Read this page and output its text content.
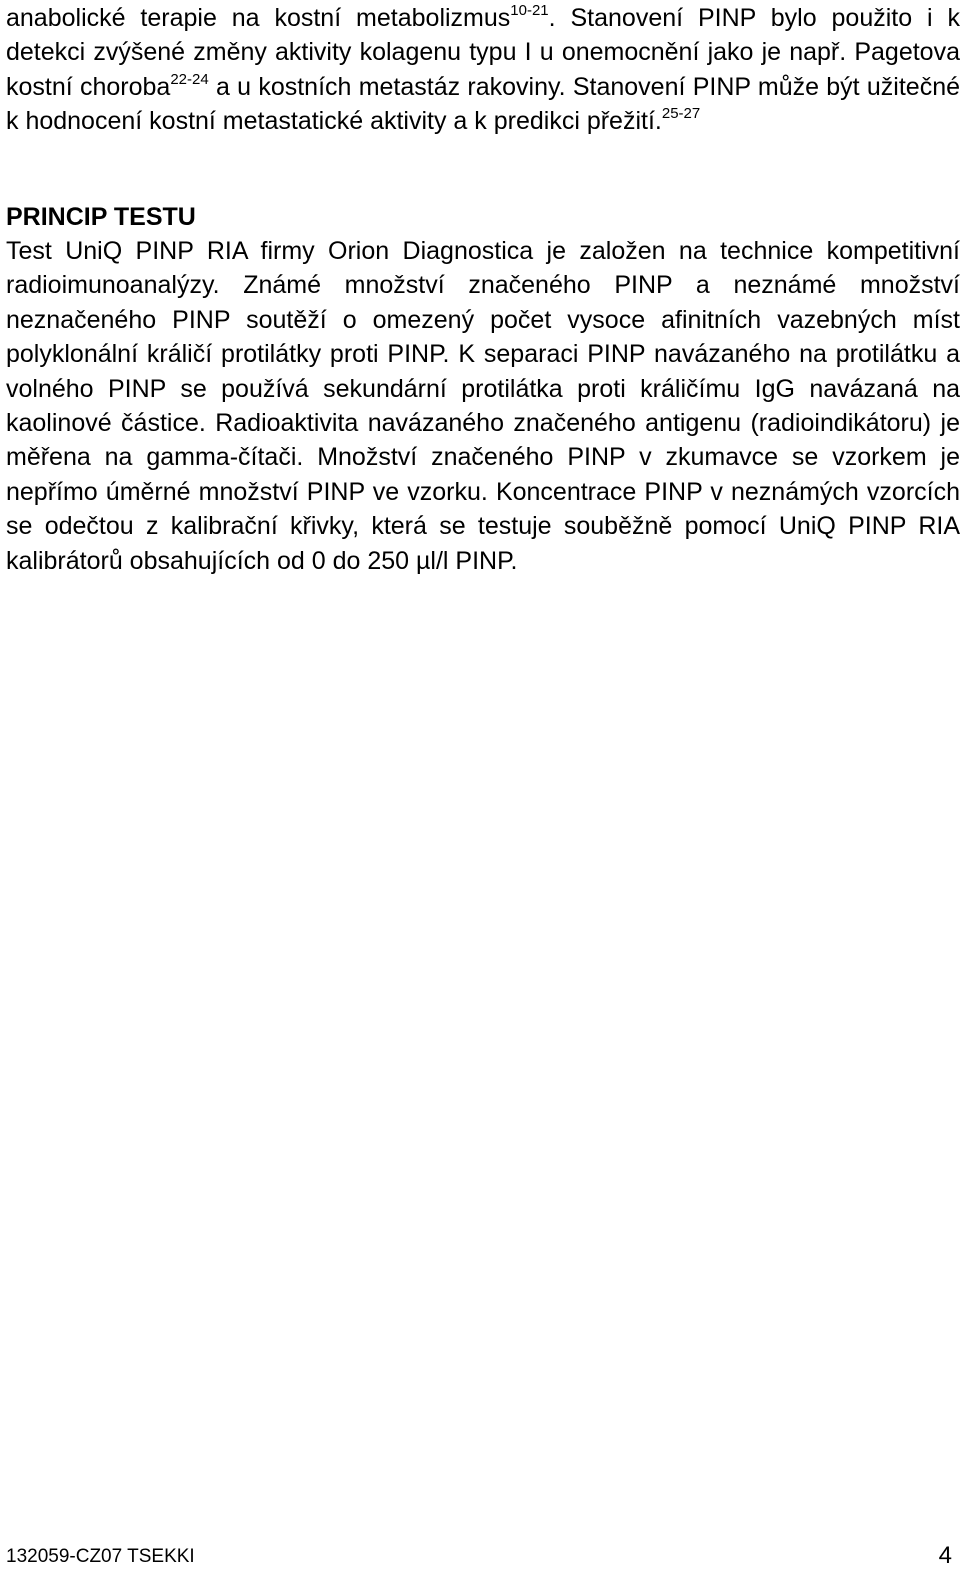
anabolické terapie na kostní metabolizmus$^{10-21}$. Stanovení PINP bylo použito i k detekci zvýšené změny aktivity kolagenu typu I u onemocnění jako je např. Pagetova kostní choroba$^{22-24}$ a u kostních metastáz rakoviny. Stanovení PINP může být užitečné k hodnocení kostní metastatické aktivity a k predikci přežití.$^{25-27}$

PRINCIP TESTU

Test UniQ PINP RIA firmy Orion Diagnostica je založen na technice kompetitivní radioimunoanalýzy. Známé množství značeného PINP a neznámé množství neznačeného PINP soutěží o omezený počet vysoce afinitních vazebných míst polyklonální králičí protilátky proti PINP. K separaci PINP navázaného na protilátku a volného PINP se používá sekundární protilátka proti králičímu IgG navázaná na kaolinové částice. Radioaktivita navázaného značeného antigenu (radioindikátoru) je měřena na gamma-čítači. Množství značeného PINP v zkumavce se vzorkem je nepřímo úměrné množství PINP ve vzorku. Koncentrace PINP v neznámých vzorcích se odečtou z kalibrační křivky, která se testuje souběžně pomocí UniQ PINP RIA kalibrátorů obsahujících od 0 do 250 µl/l PINP.

132059-CZ07 TSEKKI	4
